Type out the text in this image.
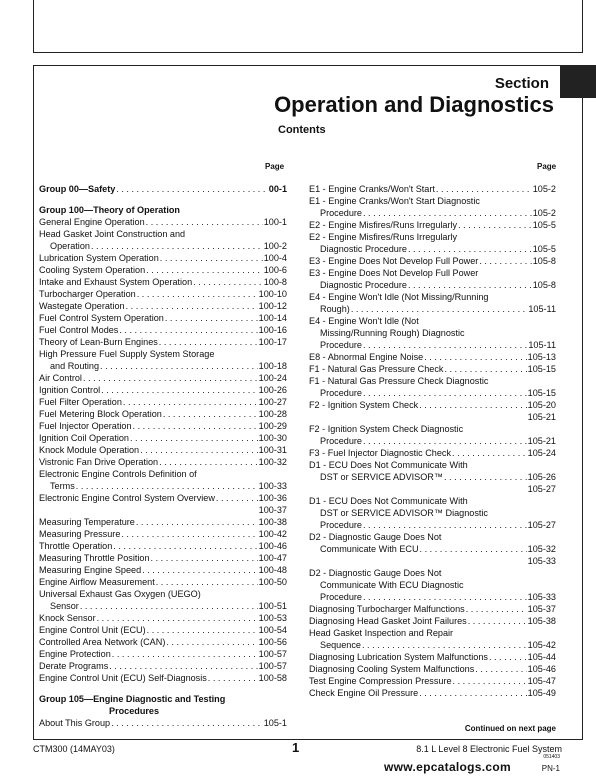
Section
Operation and Diagnostics
Contents
Page	Page
Group 00—Safety . . .	00-1
Group 100—Theory of Operation
General Engine Operation . . .	100-1
Head Gasket Joint Construction and
Operation . . .	100-2
Lubrication System Operation . . .	100-4
Cooling System Operation . . .	100-6
Intake and Exhaust System Operation . . .	100-8
Turbocharger Operation . . .	100-10
Wastegate Operation . . .	100-12
Fuel Control System Operation . . .	100-14
Fuel Control Modes . . .	100-16
Theory of Lean-Burn Engines . . .	100-17
High Pressure Fuel Supply System Storage
and Routing . . .	100-18
Air Control . . .	100-24
Ignition Control . . .	100-26
Fuel Filter Operation . . .	100-27
Fuel Metering Block Operation . . .	100-28
Fuel Injector Operation . . .	100-29
Ignition Coil Operation . . .	100-30
Knock Module Operation . . .	100-31
Vistronic Fan Drive Operation . . .	100-32
Electronic Engine Controls Definition of
Terms . . .	100-33
Electronic Engine Control System Overview . . .	100-36
100-37
Measuring Temperature . . .	100-38
Measuring Pressure . . .	100-42
Throttle Operation . . .	100-46
Measuring Throttle Position . . .	100-47
Measuring Engine Speed . . .	100-48
Engine Airflow Measurement . . .	100-50
Universal Exhaust Gas Oxygen (UEGO)
Sensor . . .	100-51
Knock Sensor . . .	100-53
Engine Control Unit (ECU) . . .	100-54
Controlled Area Network (CAN) . . .	100-56
Engine Protection . . .	100-57
Derate Programs . . .	100-57
Engine Control Unit (ECU) Self-Diagnosis . . .	100-58
Group 105—Engine Diagnostic and Testing
Procedures
About This Group . . .	105-1
E1 - Engine Cranks/Won't Start . . .	105-2
E1 - Engine Cranks/Won't Start Diagnostic
Procedure . . .	105-2
E2 - Engine Misfires/Runs Irregularly . . .	105-5
E2 - Engine Misfires/Runs Irregularly
Diagnostic Procedure . . .	105-5
E3 - Engine Does Not Develop Full Power . . .	105-8
E3 - Engine Does Not Develop Full Power
Diagnostic Procedure . . .	105-8
E4 - Engine Won't Idle (Not Missing/Running
Rough) . . .	105-11
E4 - Engine Won't Idle (Not
Missing/Running Rough) Diagnostic
Procedure . . .	105-11
E8 - Abnormal Engine Noise . . .	105-13
F1 - Natural Gas Pressure Check . . .	105-15
F1 - Natural Gas Pressure Check Diagnostic
Procedure . . .	105-15
F2 - Ignition System Check . . .	105-20
105-21
F2 - Ignition System Check Diagnostic
Procedure . . .	105-21
F3 - Fuel Injector Diagnostic Check . . .	105-24
D1 - ECU Does Not Communicate With
DST or SERVICE ADVISOR™ . . .	105-26
105-27
D1 - ECU Does Not Communicate With
DST or SERVICE ADVISOR™ Diagnostic
Procedure . . .	105-27
D2 - Diagnostic Gauge Does Not
Communicate With ECU . . .	105-32
105-33
D2 - Diagnostic Gauge Does Not
Communicate With ECU Diagnostic
Procedure . . .	105-33
Diagnosing Turbocharger Malfunctions . . .	105-37
Diagnosing Head Gasket Joint Failures . . .	105-38
Head Gasket Inspection and Repair
Sequence . . .	105-42
Diagnosing Lubrication System Malfunctions . . .	105-44
Diagnosing Cooling System Malfunctions . . .	105-46
Test Engine Compression Pressure . . .	105-47
Check Engine Oil Pressure . . .	105-49
Continued on next page
CTM300 (14MAY03)	1	8.1 L Level 8 Electronic Fuel System
051403
PN-1
www.epcatalogs.com
